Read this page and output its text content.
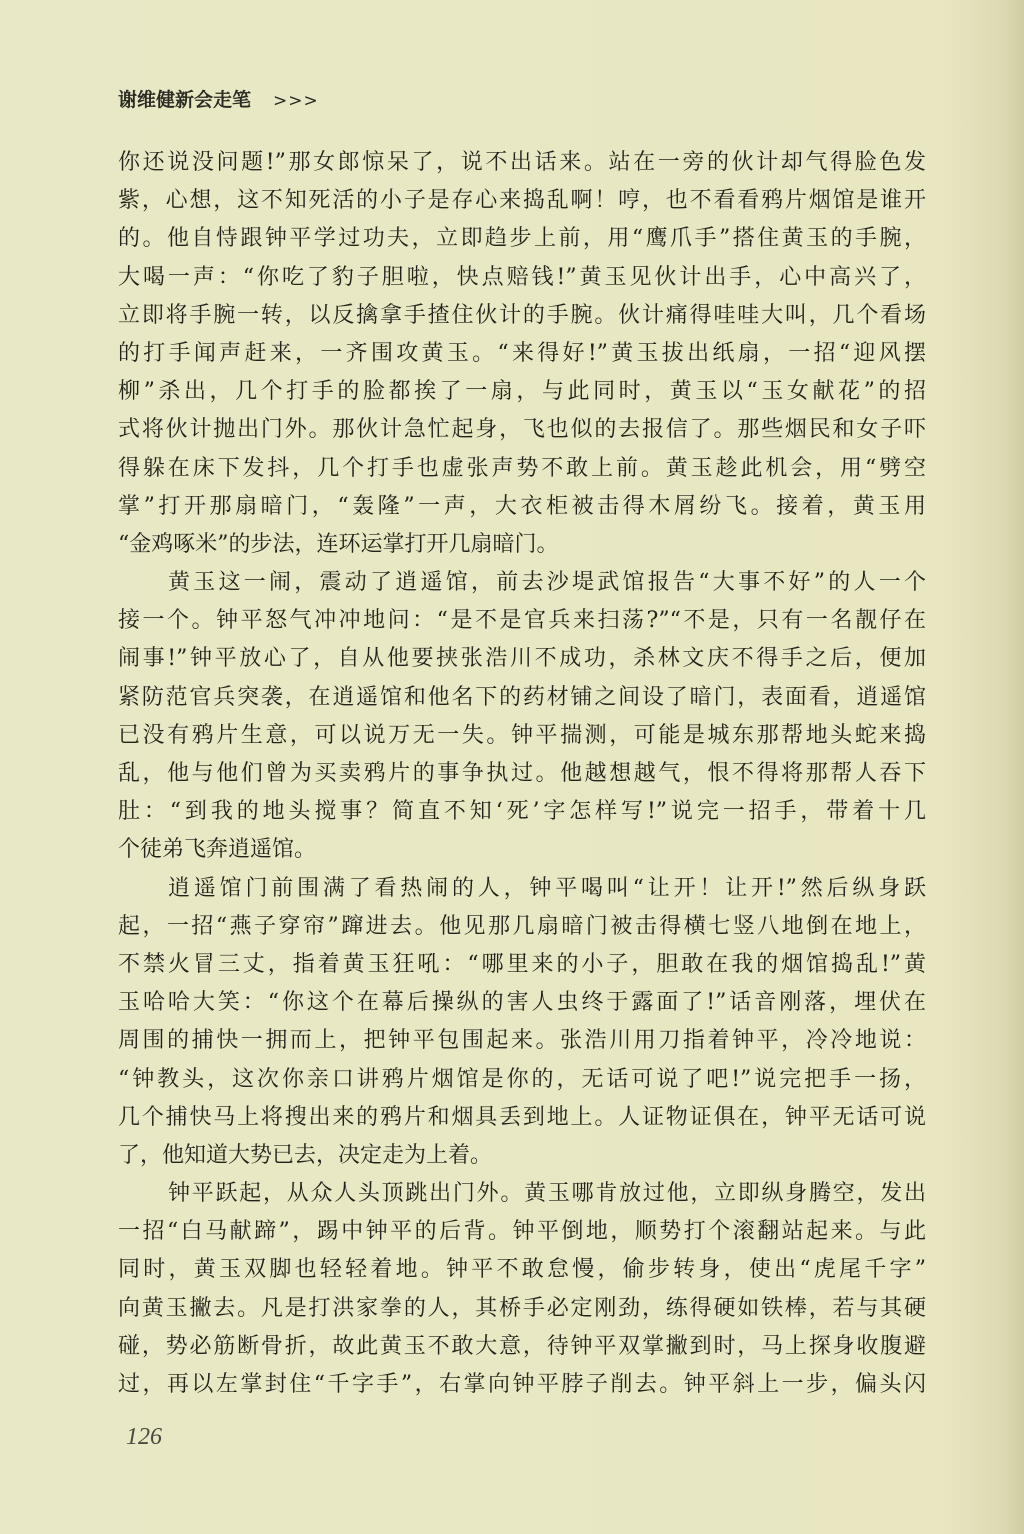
谢维健新会走笔 >>>
你还说没问题!”那女郎惊呆了，说不出话来。站在一旁的伙计却气得脸色发
紫，心想，这不知死活的小子是存心来捣乱啊！哼，也不看看鸦片烟馆是谁开
的。他自恃跟钟平学过功夫，立即趋步上前，用“鹰爪手”搭住黄玉的手腕，
大喝一声：“你吃了豹子胆啦，快点赔钱!”黄玉见伙计出手，心中高兴了，
立即将手腕一转，以反擒拿手揸住伙计的手腕。伙计痛得哇哇大叫，几个看场
的打手闻声赶来，一齐围攻黄玉。“来得好!”黄玉拔出纸扇，一招“迎风摆
柳”杀出，几个打手的脸都挨了一扇，与此同时，黄玉以“玉女献花”的招
式将伙计抛出门外。那伙计急忙起身，飞也似的去报信了。那些烟民和女子吓
得躲在床下发抖，几个打手也虚张声势不敢上前。黄玉趁此机会，用“劈空
掌”打开那扇暗门，“轰隆”一声，大衣柜被击得木屑纷飞。接着，黄玉用
“金鸡啄米”的步法，连环运掌打开几扇暗门。
黄玉这一闹，震动了逍遥馆，前去沙堤武馆报告“大事不好”的人一个
接一个。钟平怒气冲冲地问：“是不是官兵来扫荡?”“不是，只有一名靓仔在
闹事!”钟平放心了，自从他要挟张浩川不成功，杀林文庆不得手之后，便加
紧防范官兵突袭，在逍遥馆和他名下的药材铺之间设了暗门，表面看，逍遥馆
已没有鸦片生意，可以说万无一失。钟平揣测，可能是城东那帮地头蛇来捣
乱，他与他们曾为买卖鸦片的事争执过。他越想越气，恨不得将那帮人吞下
肚：“到我的地头搅事？简直不知‘死’字怎样写!”说完一招手，带着十几
个徒弟飞奔逍遥馆。
逍遥馆门前围满了看热闹的人，钟平喝叫“让开！让开!”然后纵身跃
起，一招“燕子穿帘”蹿进去。他见那几扇暗门被击得横七竖八地倒在地上，
不禁火冒三丈，指着黄玉狂吼：“哪里来的小子，胆敢在我的烟馆捣乱!”黄
玉哈哈大笑：“你这个在幕后操纵的害人虫终于露面了!”话音刚落，埋伏在
周围的捕快一拥而上，把钟平包围起来。张浩川用刀指着钟平，冷冷地说：
“钟教头，这次你亲口讲鸦片烟馆是你的，无话可说了吧!”说完把手一扬，
几个捕快马上将搜出来的鸦片和烟具丢到地上。人证物证俱在，钟平无话可说
了，他知道大势已去，决定走为上着。
钟平跃起，从众人头顶跳出门外。黄玉哪肯放过他，立即纵身腾空，发出
一招“白马献蹄”，踢中钟平的后背。钟平倒地，顺势打个滚翻站起来。与此
同时，黄玉双脚也轻轻着地。钟平不敢怠慢，偷步转身，使出“虎尾千字”
向黄玉撇去。凡是打洪家拳的人，其桥手必定刚劲，练得硬如铁棒，若与其硬
碰，势必筋断骨折，故此黄玉不敢大意，待钟平双掌撇到时，马上探身收腹避
过，再以左掌封住“千字手”，右掌向钟平脖子削去。钟平斜上一步，偏头闪
126
